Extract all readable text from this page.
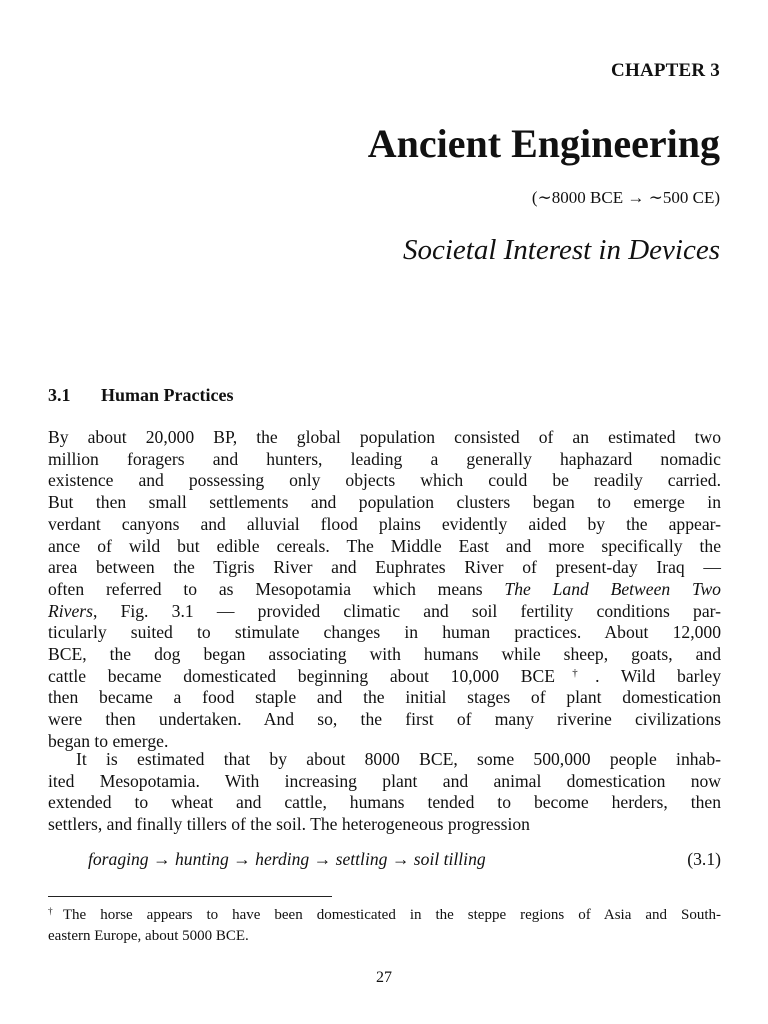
CHAPTER 3
Ancient Engineering
(∼8000 BCE → ∼500 CE)
Societal Interest in Devices
3.1 Human Practices
By about 20,000 BP, the global population consisted of an estimated two
million foragers and hunters, leading a generally haphazard nomadic
existence and possessing only objects which could be readily carried.
But then small settlements and population clusters began to emerge in
verdant canyons and alluvial flood plains evidently aided by the appear-
ance of wild but edible cereals. The Middle East and more specifically the
area between the Tigris River and Euphrates River of present-day Iraq —
often referred to as Mesopotamia which means The Land Between Two
Rivers, Fig. 3.1 — provided climatic and soil fertility conditions par-
ticularly suited to stimulate changes in human practices. About 12,000
BCE, the dog began associating with humans while sheep, goats, and
cattle became domesticated beginning about 10,000 BCE†. Wild barley
then became a food staple and the initial stages of plant domestication
were then undertaken. And so, the first of many riverine civilizations
began to emerge.
It is estimated that by about 8000 BCE, some 500,000 people inhab-
ited Mesopotamia. With increasing plant and animal domestication now
extended to wheat and cattle, humans tended to become herders, then
settlers, and finally tillers of the soil. The heterogeneous progression
foraging → hunting → herding → settling → soil tilling	(3.1)
†The horse appears to have been domesticated in the steppe regions of Asia and South-
eastern Europe, about 5000 BCE.
27
